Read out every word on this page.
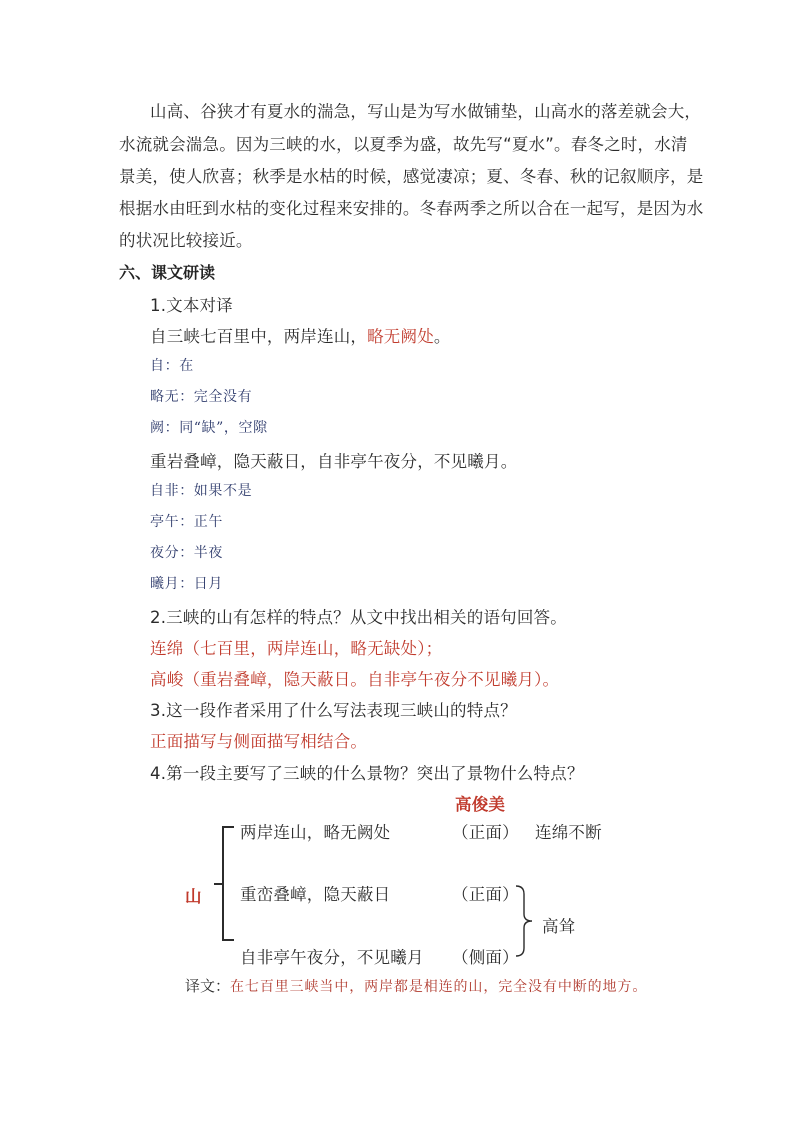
山高、谷狭才有夏水的湍急，写山是为写水做铺垫，山高水的落差就会大，
水流就会湍急。因为三峡的水，以夏季为盛，故先写“夏水”。春冬之时，水清
景美，使人欣喜；秋季是水枯的时候，感觉凄凉；夏、冬春、秋的记叙顺序，是
根据水由旺到水枯的变化过程来安排的。冬春两季之所以合在一起写，是因为水
的状况比较接近。
六、课文研读
1.文本对译
自三峡七百里中，两岸连山，略无阙处。
自：在
略无：完全没有
阙：同“缺”，空隙
重岩叠嶂，隐天蔽日，自非亭午夜分，不见曦月。
自非：如果不是
亭午：正午
夜分：半夜
曦月：日月
2.三峡的山有怎样的特点？从文中找出相关的语句回答。
连绵（七百里，两岸连山，略无缺处）；
高峻（重岩叠嶂，隐天蔽日。自非亭午夜分不见曦月）。
3.这一段作者采用了什么写法表现三峡山的特点？
正面描写与侧面描写相结合。
4.第一段主要写了三峡的什么景物？突出了景物什么特点？
高俊美
山
两岸连山，略无阙处	（正面） 连绵不断
重峦叠嶂，隐天蔽日	（正面）
自非亭午夜分，不见曦月 （侧面）
高耸
译文：在七百里三峡当中，两岸都是相连的山，完全没有中断的地方。
